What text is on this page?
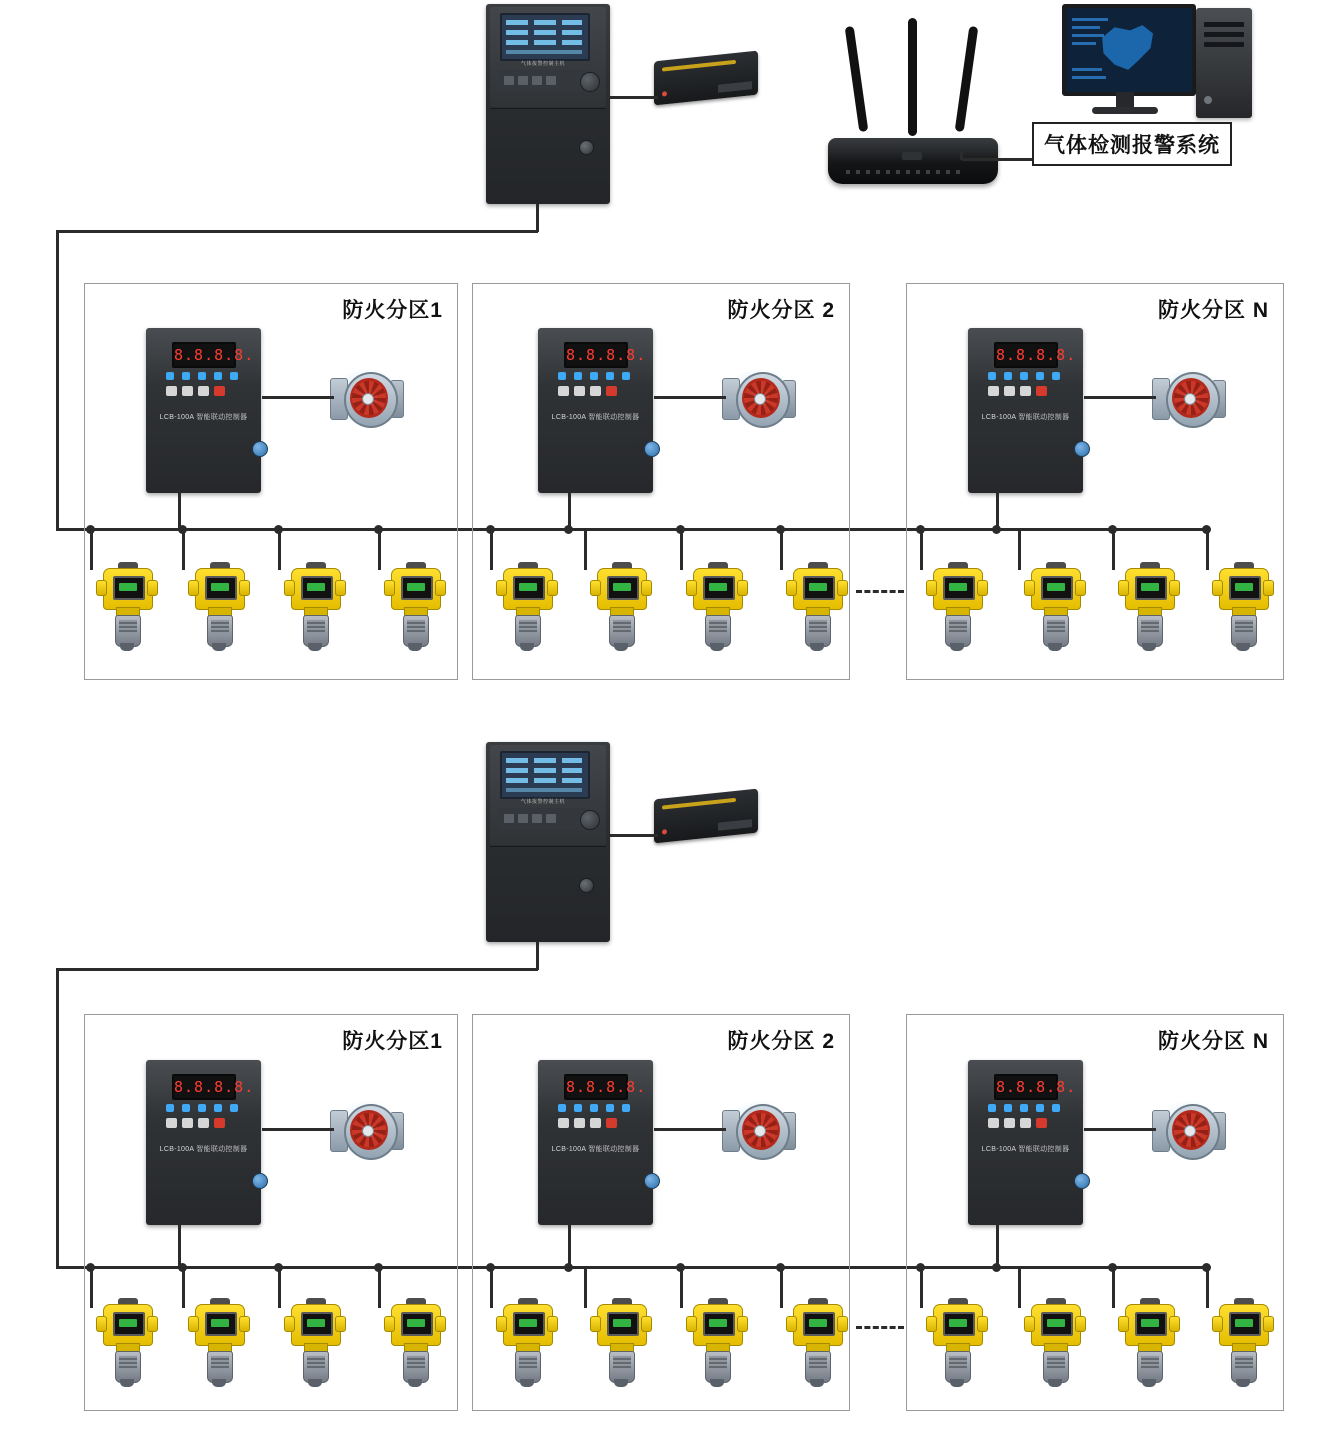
气体报警控制主机
气体检测报警系统
防火分区1	防火分区 2	防火分区 N
8.8.8.8.
LCB-100A 智能联动控制器
8.8.8.8.
LCB-100A 智能联动控制器
8.8.8.8.
LCB-100A 智能联动控制器
气体报警控制主机
防火分区1	防火分区 2	防火分区 N
8.8.8.8.
LCB-100A 智能联动控制器
8.8.8.8.
LCB-100A 智能联动控制器
8.8.8.8.
LCB-100A 智能联动控制器
